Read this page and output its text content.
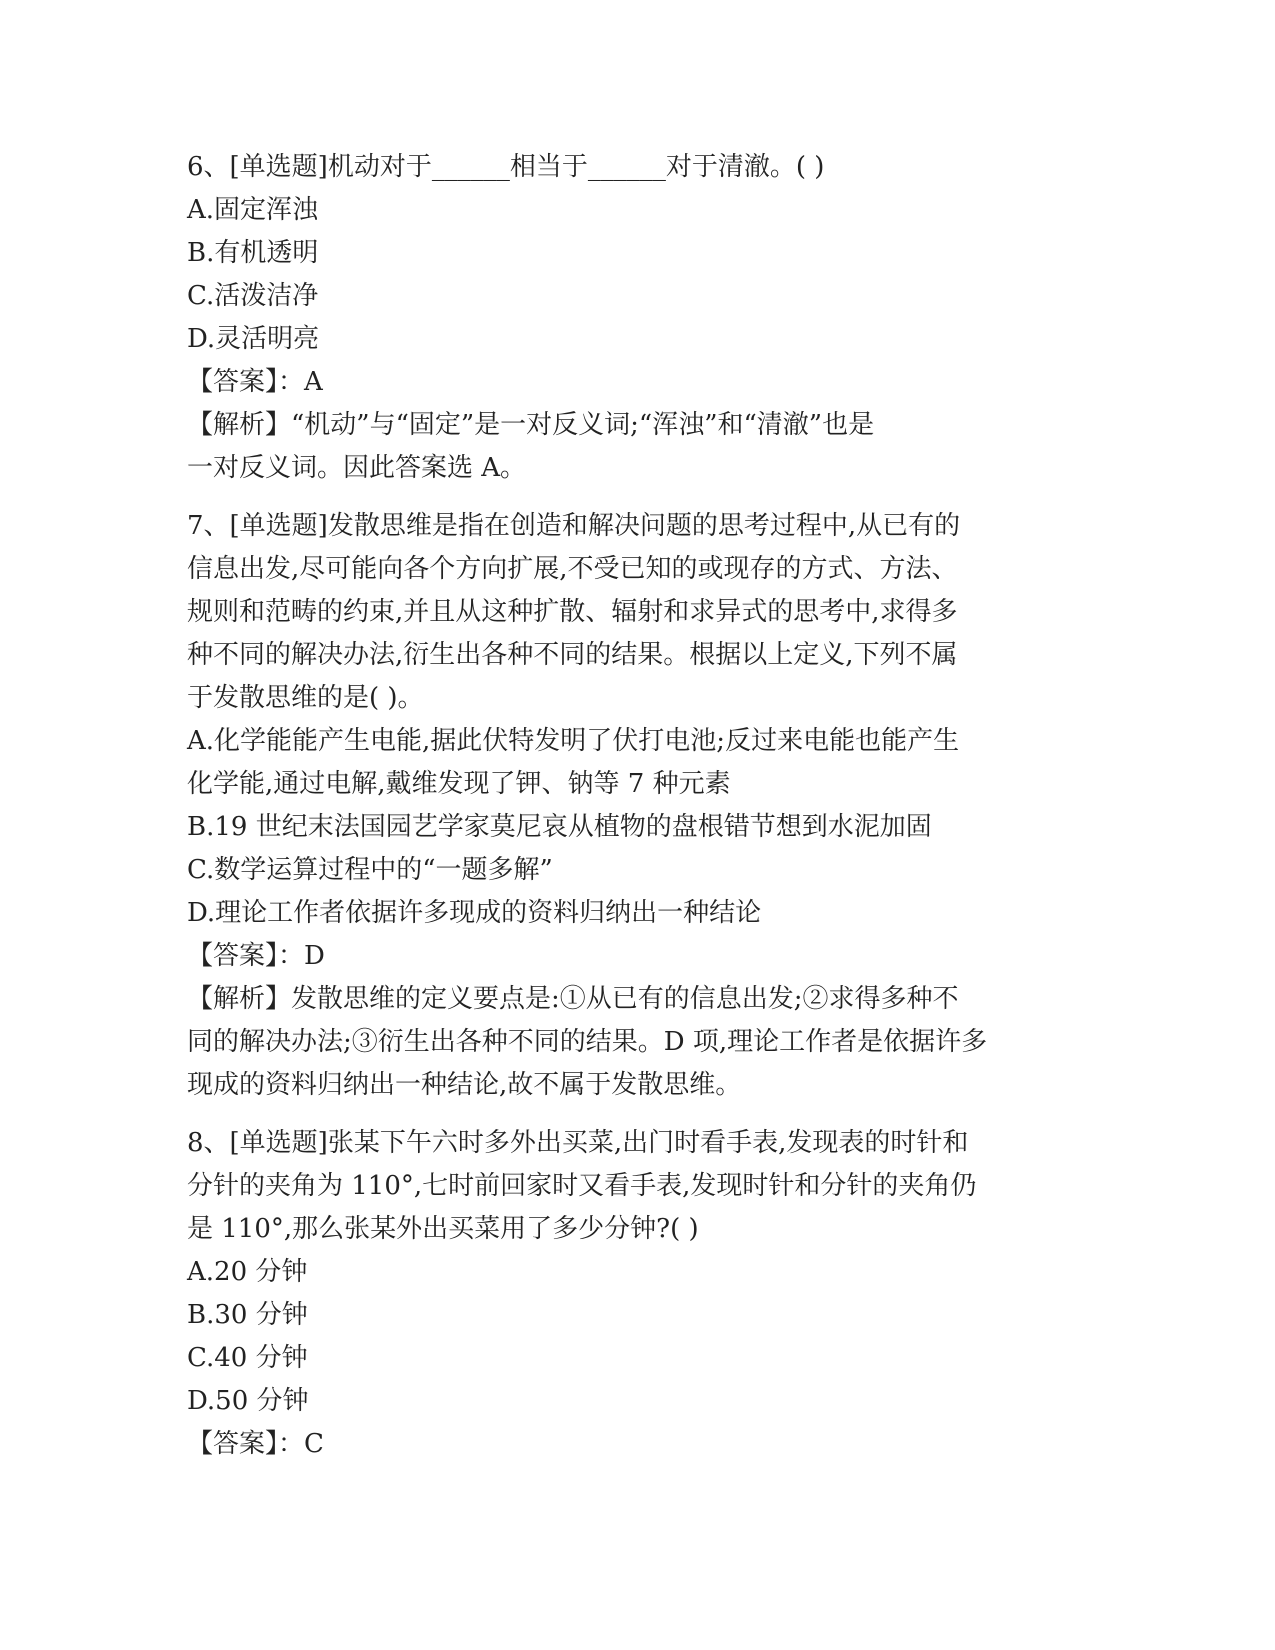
6、[单选题]机动对于______相当于______对于清澈。( )
A.固定浑浊
B.有机透明
C.活泼洁净
D.灵活明亮
【答案】：A
【解析】“机动”与“固定”是一对反义词;“浑浊”和“清澈”也是
一对反义词。因此答案选 A。
7、[单选题]发散思维是指在创造和解决问题的思考过程中,从已有的
信息出发,尽可能向各个方向扩展,不受已知的或现存的方式、方法、
规则和范畴的约束,并且从这种扩散、辐射和求异式的思考中,求得多
种不同的解决办法,衍生出各种不同的结果。根据以上定义,下列不属
于发散思维的是( )。
A.化学能能产生电能,据此伏特发明了伏打电池;反过来电能也能产生
化学能,通过电解,戴维发现了钾、钠等 7 种元素
B.19 世纪末法国园艺学家莫尼哀从植物的盘根错节想到水泥加固
C.数学运算过程中的“一题多解”
D.理论工作者依据许多现成的资料归纳出一种结论
【答案】：D
【解析】发散思维的定义要点是:①从已有的信息出发;②求得多种不
同的解决办法;③衍生出各种不同的结果。D 项,理论工作者是依据许多
现成的资料归纳出一种结论,故不属于发散思维。
8、[单选题]张某下午六时多外出买菜,出门时看手表,发现表的时针和
分针的夹角为 110°,七时前回家时又看手表,发现时针和分针的夹角仍
是 110°,那么张某外出买菜用了多少分钟?( )
A.20 分钟
B.30 分钟
C.40 分钟
D.50 分钟
【答案】：C
